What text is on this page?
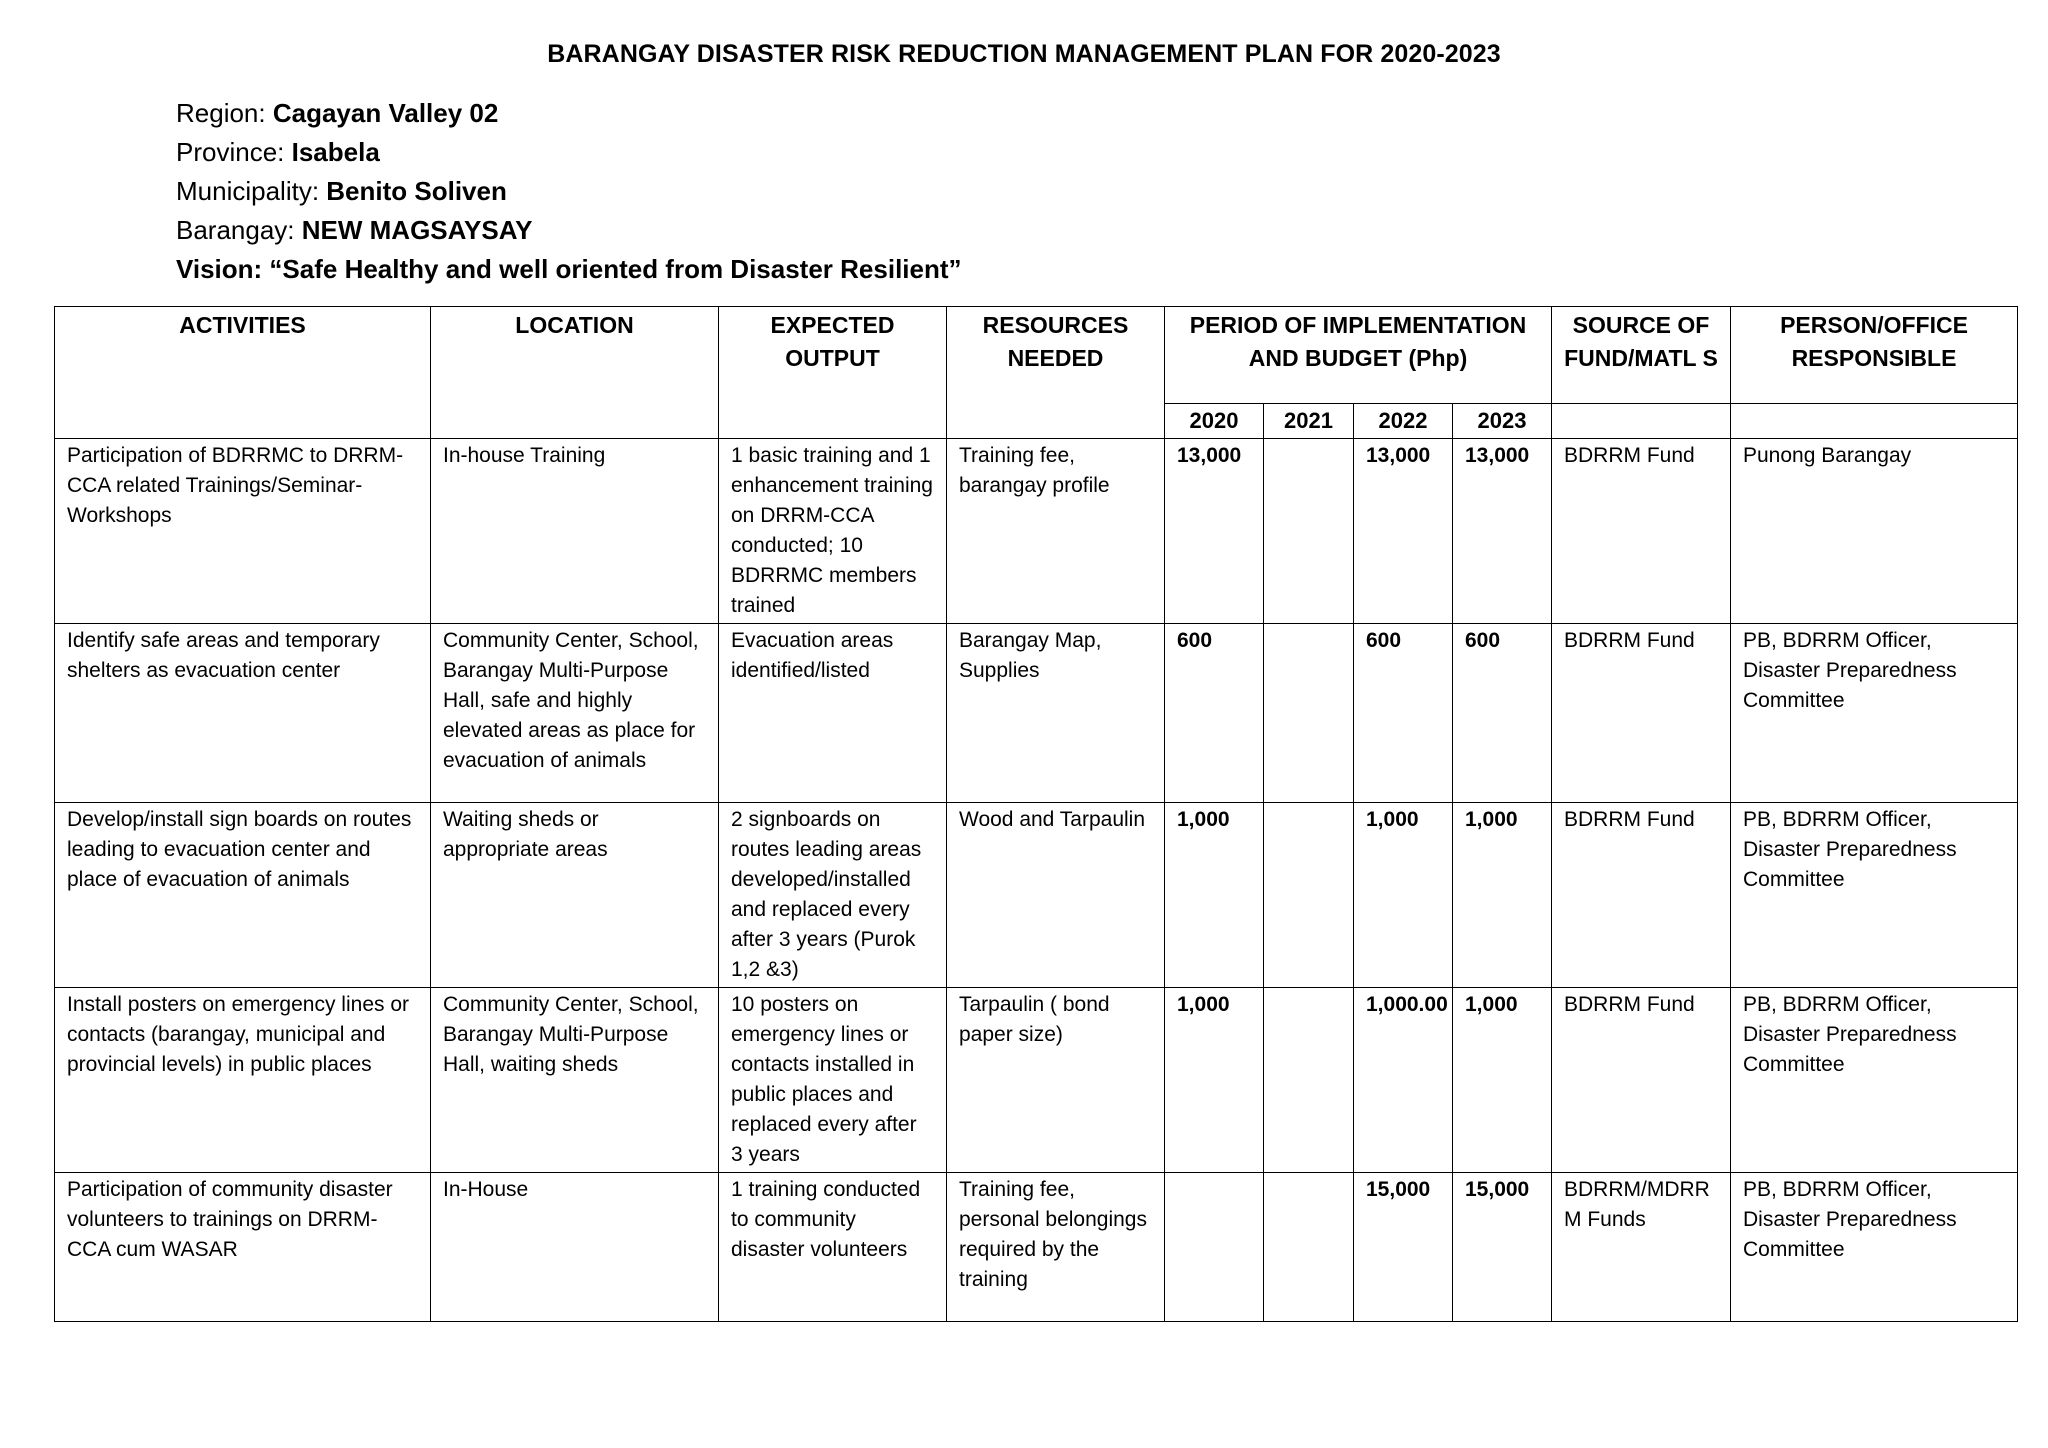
BARANGAY DISASTER RISK REDUCTION MANAGEMENT PLAN FOR 2020-2023
Region: Cagayan Valley 02
Province: Isabela
Municipality: Benito Soliven
Barangay: NEW MAGSAYSAY
Vision: “Safe Healthy and well oriented from Disaster Resilient”
ACTIVITIES	LOCATION	EXPECTED OUTPUT	RESOURCES NEEDED	PERIOD OF IMPLEMENTATION AND BUDGET (Php)				SOURCE OF FUND/MATL S	PERSON/OFFICE RESPONSIBLE
				2020	2021	2022	2023		
Participation of BDRRMC to DRRM-CCA related Trainings/Seminar-Workshops	In-house Training	1 basic training and 1 enhancement training on DRRM-CCA conducted; 10 BDRRMC members trained	Training fee, barangay profile	13,000		13,000	13,000	BDRRM Fund	Punong Barangay
Identify safe areas and temporary shelters as evacuation center	Community Center, School, Barangay Multi-Purpose Hall, safe and highly elevated areas as place for evacuation of animals	Evacuation areas identified/listed	Barangay Map, Supplies	600		600	600	BDRRM Fund	PB, BDRRM Officer, Disaster Preparedness Committee
Develop/install sign boards on routes leading to evacuation center and place of evacuation of animals	Waiting sheds or appropriate areas	2 signboards on routes leading areas developed/installed and replaced every after 3 years (Purok 1,2 &3)	Wood and Tarpaulin	1,000		1,000	1,000	BDRRM Fund	PB, BDRRM Officer, Disaster Preparedness Committee
Install posters on emergency lines or contacts (barangay, municipal and provincial levels) in public places	Community Center, School, Barangay Multi-Purpose Hall, waiting sheds	10 posters on emergency lines or contacts installed in public places and replaced every after 3 years	Tarpaulin ( bond paper size)	1,000		1,000.00	1,000	BDRRM Fund	PB, BDRRM Officer, Disaster Preparedness Committee
Participation of community disaster volunteers to trainings on DRRM-CCA cum WASAR	In-House	1 training conducted to community disaster volunteers	Training fee, personal belongings required by the training			15,000	15,000	BDRRM/MDRRM Funds	PB, BDRRM Officer, Disaster Preparedness Committee
